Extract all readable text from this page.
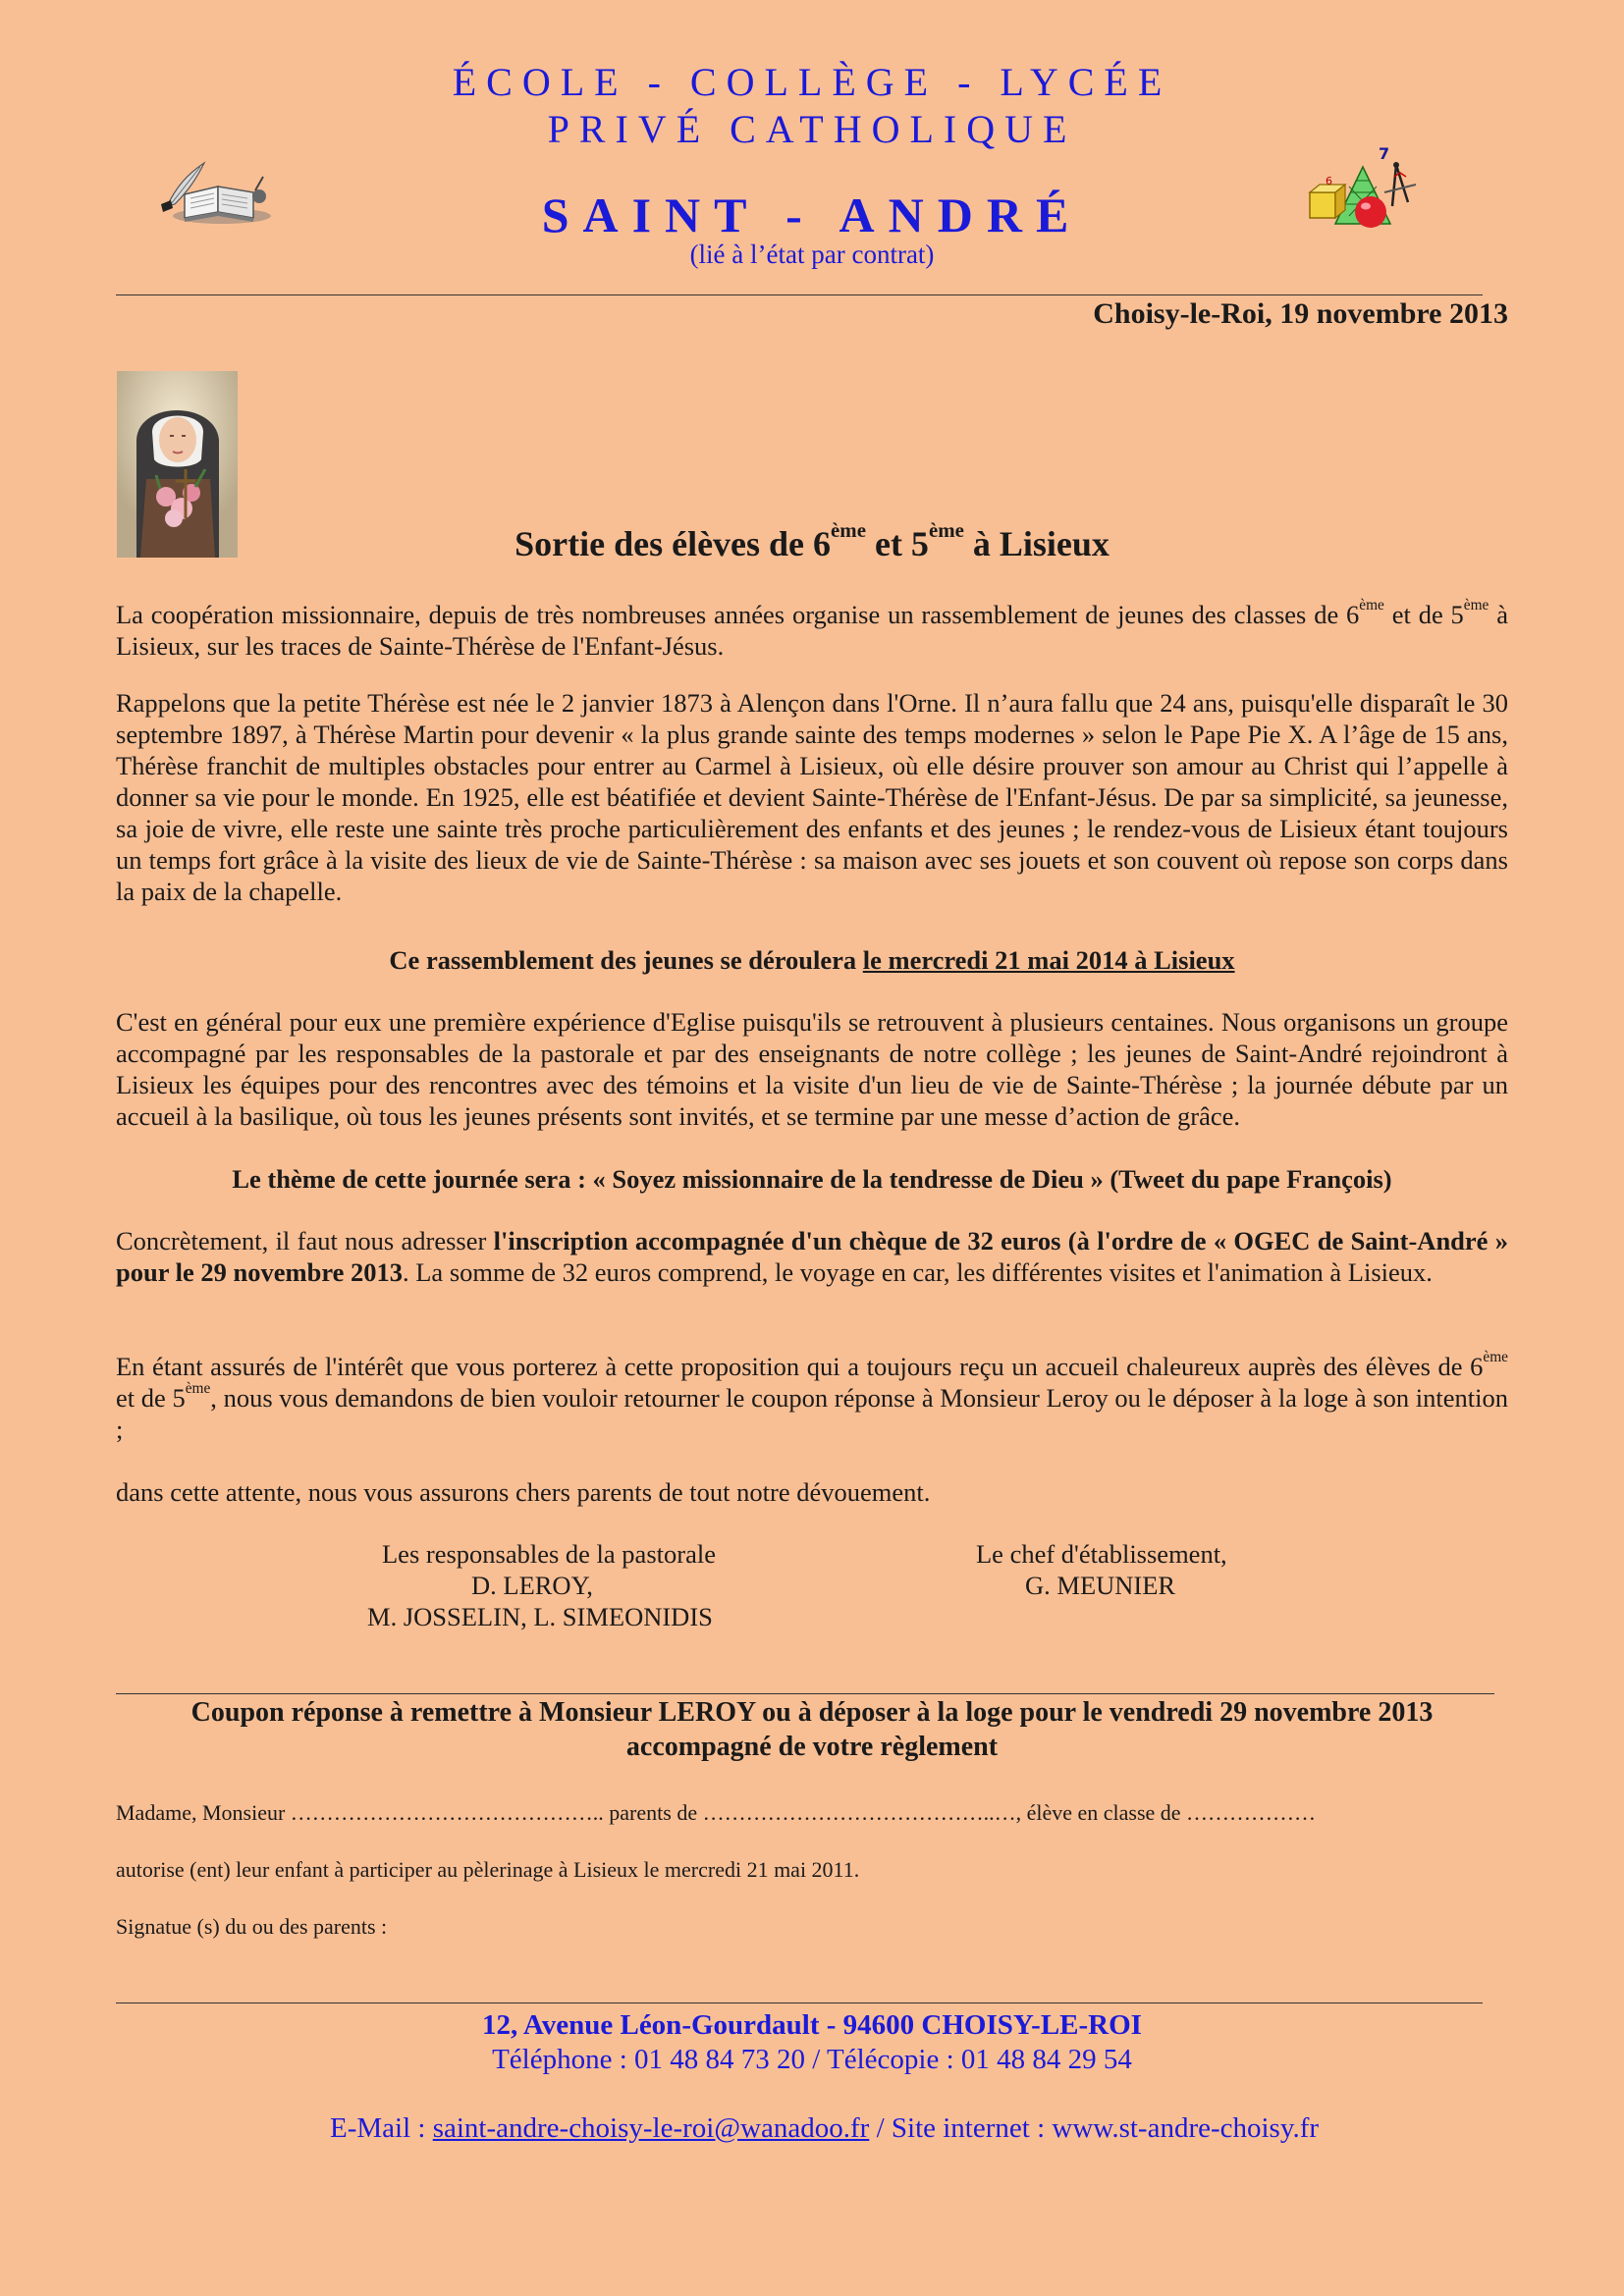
ÉCOLE - COLLÈGE - LYCÉE
PRIVÉ CATHOLIQUE
SAINT - ANDRÉ
(lié à l’état par contrat)
6
7
Choisy-le-Roi, 19 novembre 2013
Sortie des élèves de 6ème et 5ème à Lisieux

La coopération missionnaire, depuis de très nombreuses années organise un rassemblement de jeunes des classes de 6ème et de 5ème à Lisieux, sur les traces de Sainte-Thérèse de l'Enfant-Jésus.

Rappelons que la petite Thérèse est née le 2 janvier 1873 à Alençon dans l'Orne. Il n’aura fallu que 24 ans, puisqu'elle disparaît le 30 septembre 1897, à Thérèse Martin pour devenir « la plus grande sainte des temps modernes » selon le Pape Pie X. A l’âge de 15 ans, Thérèse franchit de multiples obstacles pour entrer au Carmel à Lisieux, où elle désire prouver son amour au Christ qui l’appelle à donner sa vie pour le monde. En 1925, elle est béatifiée et devient Sainte-Thérèse de l'Enfant-Jésus. De par sa simplicité, sa jeunesse, sa joie de vivre, elle reste une sainte très proche particulièrement des enfants et des jeunes ; le rendez-vous de Lisieux étant toujours un temps fort grâce à la visite des lieux de vie de Sainte-Thérèse : sa maison avec ses jouets et son couvent où repose son corps dans la paix de la chapelle.

Ce rassemblement des jeunes se déroulera le mercredi 21 mai 2014 à Lisieux

C'est en général pour eux une première expérience d'Eglise puisqu'ils se retrouvent à plusieurs centaines. Nous organisons un groupe accompagné par les responsables de la pastorale et par des enseignants de notre collège ; les jeunes de Saint-André rejoindront à Lisieux les équipes pour des rencontres avec des témoins et la visite d'un lieu de vie de Sainte-Thérèse ; la journée débute par un accueil à la basilique, où tous les jeunes présents sont invités, et se termine par une messe d’action de grâce.

Le thème de cette journée sera : « Soyez missionnaire de la tendresse de Dieu » (Tweet du pape François)

Concrètement, il faut nous adresser l'inscription accompagnée d'un chèque de 32 euros (à l'ordre de « OGEC de Saint-André » pour le 29 novembre 2013. La somme de 32 euros comprend, le voyage en car, les différentes visites et l'animation à Lisieux.

En étant assurés de l'intérêt que vous porterez à cette proposition qui a toujours reçu un accueil chaleureux auprès des élèves de 6ème et de 5ème, nous vous demandons de bien vouloir retourner le coupon réponse à Monsieur Leroy ou le déposer à la loge à son intention ;

dans cette attente, nous vous assurons chers parents de tout notre dévouement.
Les responsables de la pastorale
D. LEROY,
M. JOSSELIN, L. SIMEONIDIS
Le chef d'établissement,
G. MEUNIER
Coupon réponse à remettre à Monsieur LEROY ou à déposer à la loge pour le vendredi 29 novembre 2013
accompagné de votre règlement
Madame, Monsieur …………………………………….. parents de …………………………………..…, élève en classe de ………………
autorise (ent) leur enfant à participer au pèlerinage à Lisieux le mercredi 21 mai 2011.
Signatue (s) du ou des parents :
12, Avenue Léon-Gourdault - 94600 CHOISY-LE-ROI
Téléphone : 01 48 84 73 20 / Télécopie : 01 48 84 29 54
E-Mail : saint-andre-choisy-le-roi@wanadoo.fr / Site internet : www.st-andre-choisy.fr
